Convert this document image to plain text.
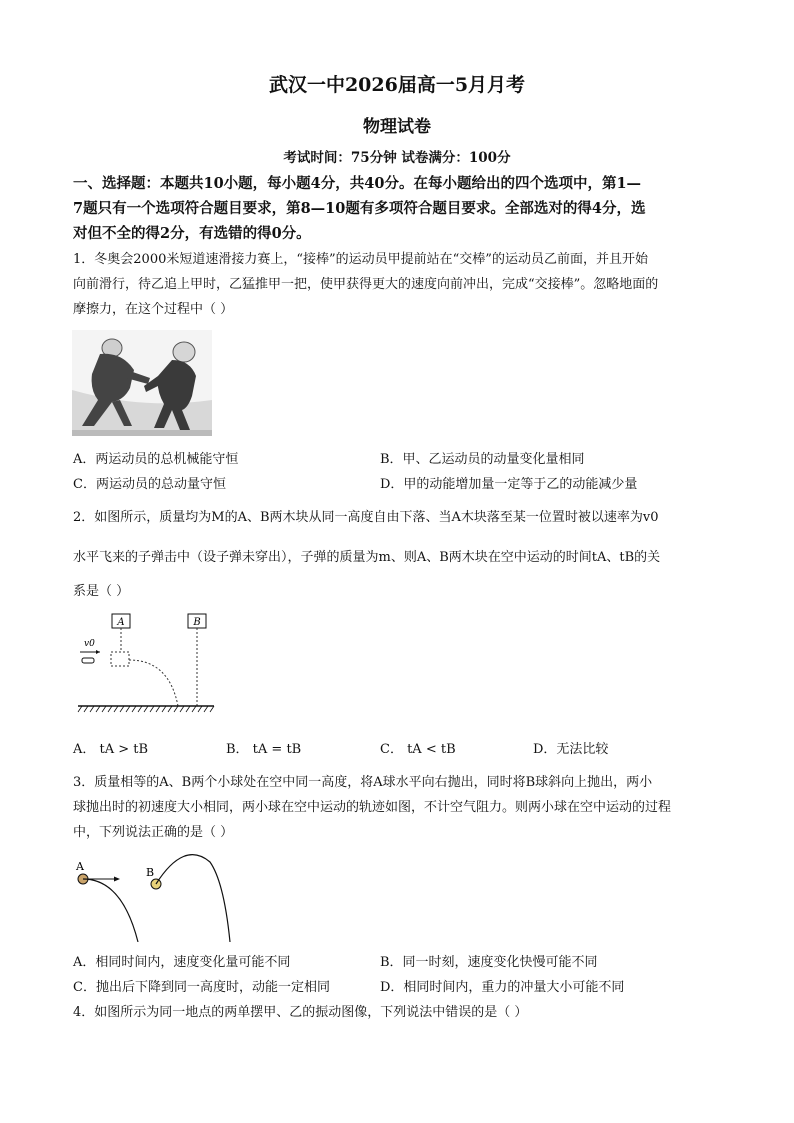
武汉一中2026届高一5月月考
物理试卷
考试时间：75分钟 试卷满分：100分
一、选择题：本题共10小题，每小题4分，共40分。在每小题给出的四个选项中，第1—
7题只有一个选项符合题目要求，第8—10题有多项符合题目要求。全部选对的得4分，选
对但不全的得2分，有选错的得0分。
1．冬奥会2000米短道速滑接力赛上，“接棒”的运动员甲提前站在“交棒”的运动员乙前面，并且开始
向前滑行，待乙追上甲时，乙猛推甲一把，使甲获得更大的速度向前冲出，完成“交接棒”。忽略地面的
摩擦力，在这个过程中（ ）
A．两运动员的总机械能守恒	B．甲、乙运动员的动量变化量相同
C．两运动员的总动量守恒	D．甲的动能增加量一定等于乙的动能减少量
2．如图所示，质量均为M的A、B两木块从同一高度自由下落、当A木块落至某一位置时被以速率为v0
水平飞来的子弹击中（设子弹未穿出），子弹的质量为m、则A、B两木块在空中运动的时间tA、tB的关
系是（ ）
A	B
v0
A． tA > tB	B． tA = tB	C． tA < tB	D．无法比较
3．质量相等的A、B两个小球处在空中同一高度，将A球水平向右抛出，同时将B球斜向上抛出，两小
球抛出时的初速度大小相同，两小球在空中运动的轨迹如图，不计空气阻力。则两小球在空中运动的过程
中，下列说法正确的是（ ）
A	B
A．相同时间内，速度变化量可能不同	B．同一时刻，速度变化快慢可能不同
C．抛出后下降到同一高度时，动能一定相同	D．相同时间内，重力的冲量大小可能不同
4．如图所示为同一地点的两单摆甲、乙的振动图像，下列说法中错误的是（ ）
